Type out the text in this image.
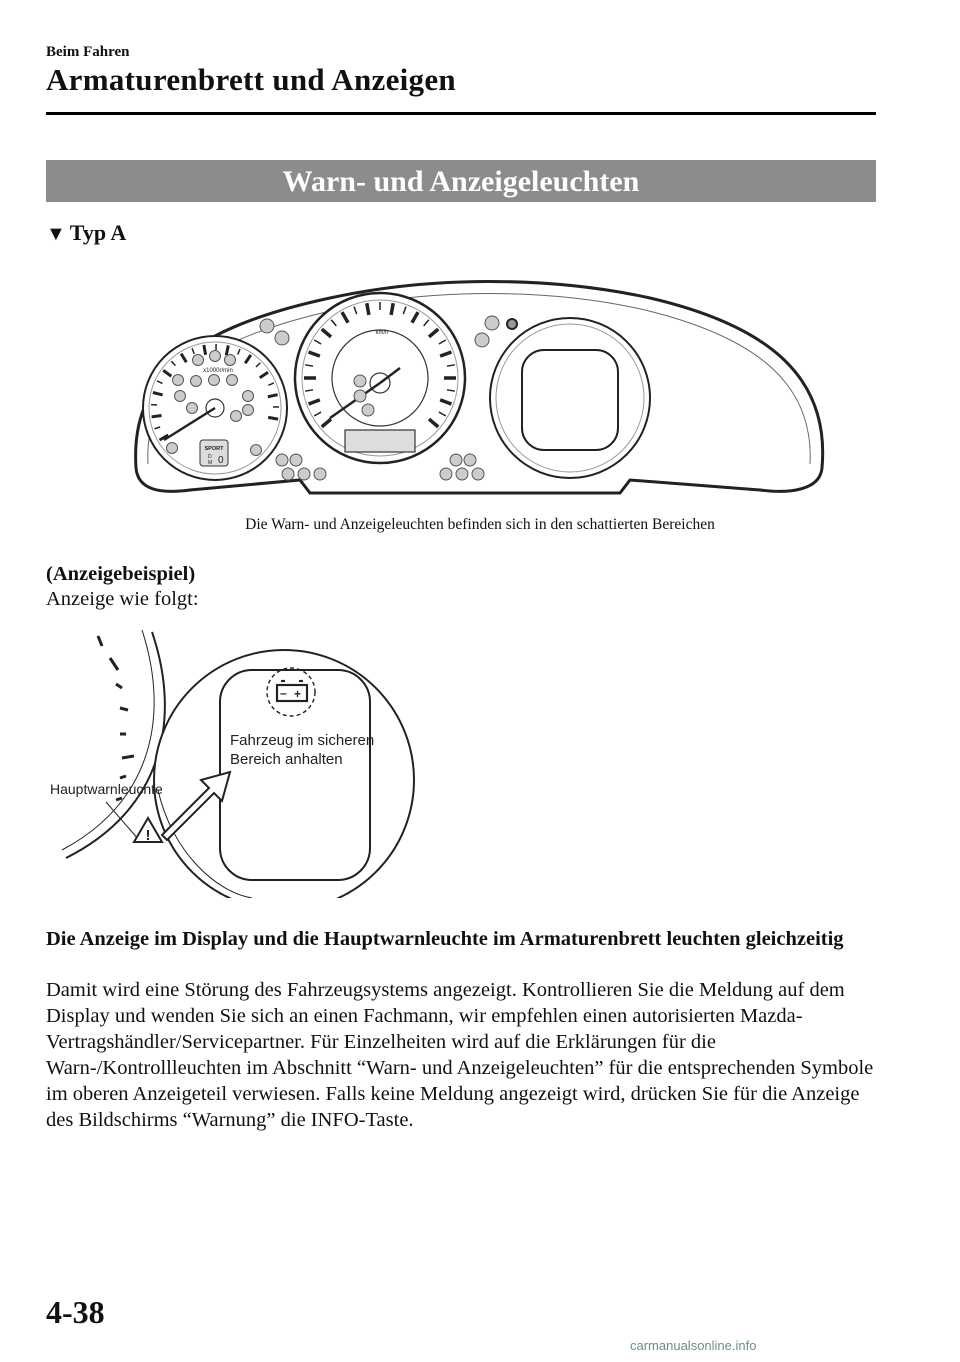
Beim Fahren
Armaturenbrett und Anzeigen
Warn- und Anzeigeleuchten
▼ Typ A
x1000r/min
SPORT
D
M 0
km/h
Die Warn- und Anzeigeleuchten befinden sich in den schattierten Bereichen
(Anzeigebeispiel)
Anzeige wie folgt:
– +
Fahrzeug im sicheren
Bereich anhalten
Hauptwarnleuchte
!
Die Anzeige im Display und die Hauptwarnleuchte im Armaturenbrett leuchten gleichzeitig
Damit wird eine Störung des Fahrzeugsystems angezeigt. Kontrollieren Sie die Meldung auf dem Display und wenden Sie sich an einen Fachmann, wir empfehlen einen autorisierten Mazda-Vertragshändler/Servicepartner. Für Einzelheiten wird auf die Erklärungen für die Warn-/Kontrollleuchten im Abschnitt “Warn- und Anzeigeleuchten” für die entsprechenden Symbole im oberen Anzeigeteil verwiesen. Falls keine Meldung angezeigt wird, drücken Sie für die Anzeige des Bildschirms “Warnung” die INFO-Taste.
4-38
carmanualsonline.info
